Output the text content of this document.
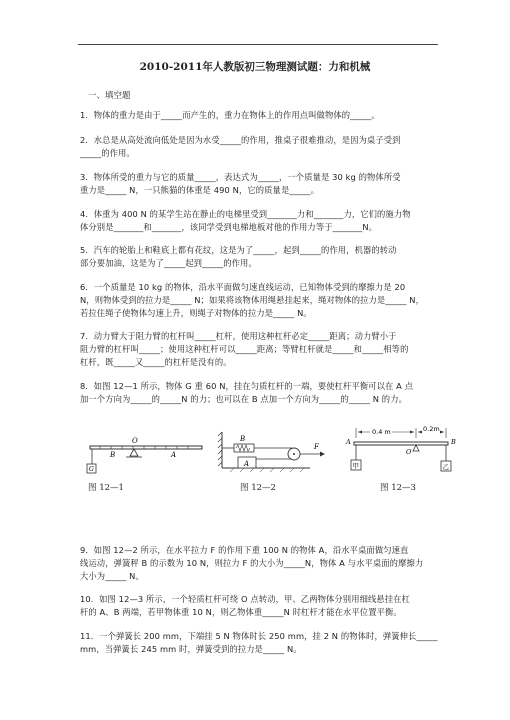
2010-2011年人教版初三物理测试题：力和机械
一、填空题
1．物体的重力是由于_____而产生的，重力在物体上的作用点叫做物体的_____。
2．水总是从高处流向低处是因为水受_____的作用，推桌子很难推动，是因为桌子受到
_____的作用。
3．物体所受的重力与它的质量_____，表达式为_____，一个质量是 30 kg 的物体所受
重力是_____ N，一只熊猫的体重是 490 N，它的质量是_____。
4．体重为 400 N 的某学生站在静止的电梯里受到_______力和_______力，它们的施力物
体分别是_______和_______，该同学受到电梯地板对他的作用力等于_______N。
5．汽车的轮胎上和鞋底上都有花纹，这是为了_____，起到_____的作用，机器的转动
部分要加油，这是为了_____起到_____的作用。
6．一个质量是 10 kg 的物体，沿水平面做匀速直线运动，已知物体受到的摩擦力是 20
N，则物体受到的拉力是_____ N；如果将该物体用绳悬挂起来，绳对物体的拉力是_____ N，
若拉住绳子使物体匀速上升，则绳子对物体的拉力是_____ N。
7．动力臂大于阻力臂的杠杆叫_____杠杆，使用这种杠杆必定_____距离；动力臂小于
阻力臂的杠杆叫_____；使用这种杠杆可以_____距离；等臂杠杆就是_____和_____相等的
杠杆，既_____又_____的杠杆是没有的。
8．如图 12—1 所示，物体 G 重 60 N，挂在匀质杠杆的一端，要使杠杆平衡可以在 A 点
加一个方向为_____的_____N 的力；也可以在 B 点加一个方向为_____的_____ N 的力。
O
A
B
G
图 12—1
B
A
F
图 12—2
0.4 m	0.2m
A
O
B
甲	乙
图 12—3
9．如图 12—2 所示，在水平拉力 F 的作用下重 100 N 的物体 A，沿水平桌面做匀速直
线运动，弹簧秤 B 的示数为 10 N，则拉力 F 的大小为_____N，物体 A 与水平桌面的摩擦力
大小为_____ N。
10．如图 12—3 所示，一个轻质杠杆可绕 O 点转动，甲、乙两物体分别用细线悬挂在杠
杆的 A、B 两端，若甲物体重 10 N，则乙物体重_____N 时杠杆才能在水平位置平衡。
11．一个弹簧长 200 mm，下端挂 5 N 物体时长 250 mm，挂 2 N 的物体时，弹簧伸长_____
mm，当弹簧长 245 mm 时，弹簧受到的拉力是_____ N。
